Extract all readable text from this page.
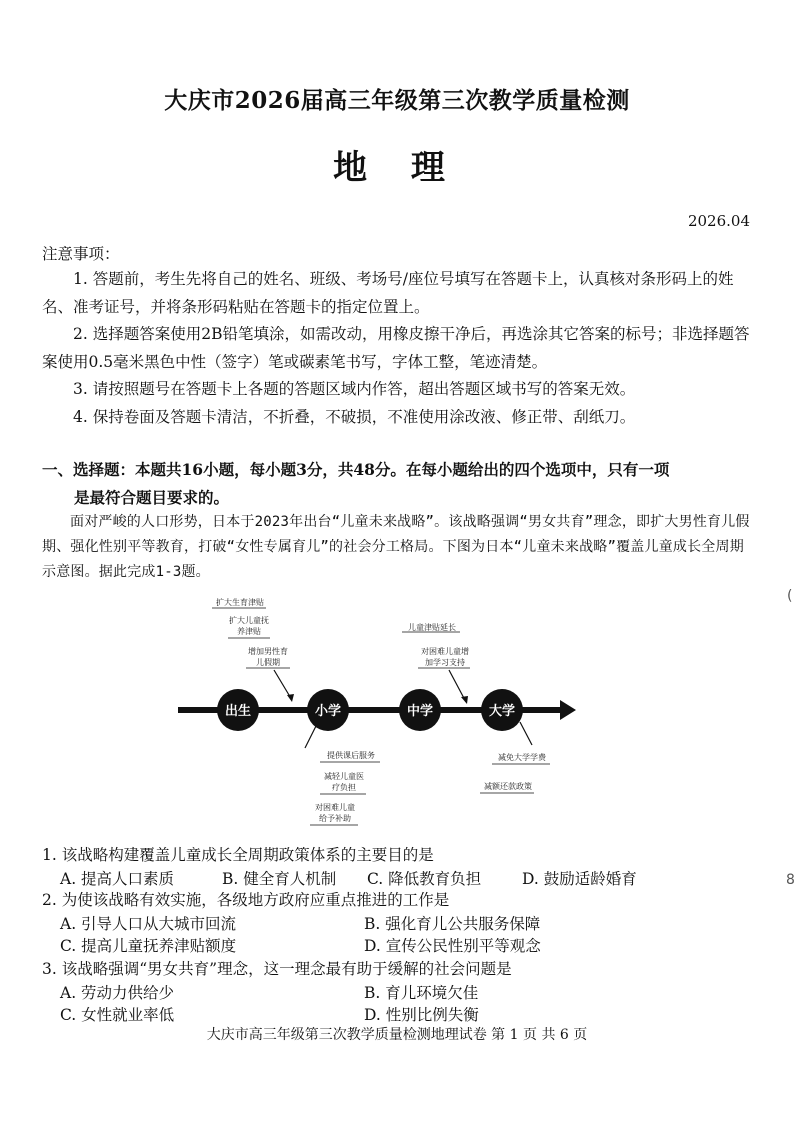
大庆市2026届高三年级第三次教学质量检测
地 理
2026.04
注意事项：

1. 答题前，考生先将自己的姓名、班级、考场号/座位号填写在答题卡上，认真核对条形码上的姓名、准考证号，并将条形码粘贴在答题卡的指定位置上。

2. 选择题答案使用2B铅笔填涂，如需改动，用橡皮擦干净后，再选涂其它答案的标号；非选择题答案使用0.5毫米黑色中性（签字）笔或碳素笔书写，字体工整，笔迹清楚。

3. 请按照题号在答题卡上各题的答题区域内作答，超出答题区域书写的答案无效。

4. 保持卷面及答题卡清洁，不折叠，不破损，不准使用涂改液、修正带、刮纸刀。

一、选择题：本题共16小题，每小题3分，共48分。在每小题给出的四个选项中，只有一项
是最符合题目要求的。

面对严峻的人口形势，日本于2023年出台“儿童未来战略”。该战略强调“男女共育”理念，即扩大男性育儿假期、强化性别平等教育，打破“女性专属育儿”的社会分工格局。下图为日本“儿童未来战略”覆盖儿童成长全周期示意图。据此完成1-3题。

出生	小学	中学	大学
扩大生育津贴
扩大儿童抚
养津贴
增加男性育
儿假期
儿童津贴延长
对困难儿童增
加学习支持
提供课后服务
减轻儿童医
疗负担
对困难儿童
给予补助
减免大学学费
减额还款政策
1. 该战略构建覆盖儿童成长全周期政策体系的主要目的是
A. 提高人口素质	B. 健全育人机制 C. 降低教育负担	D. 鼓励适龄婚育
2. 为使该战略有效实施，各级地方政府应重点推进的工作是
A. 引导人口从大城市回流	B. 强化育儿公共服务保障
C. 提高儿童抚养津贴额度	D. 宣传公民性别平等观念
3. 该战略强调“男女共育”理念，这一理念最有助于缓解的社会问题是
A. 劳动力供给少	B. 育儿环境欠佳
C. 女性就业率低	D. 性别比例失衡
大庆市高三年级第三次教学质量检测地理试卷 第 1 页 共 6 页
(
8
